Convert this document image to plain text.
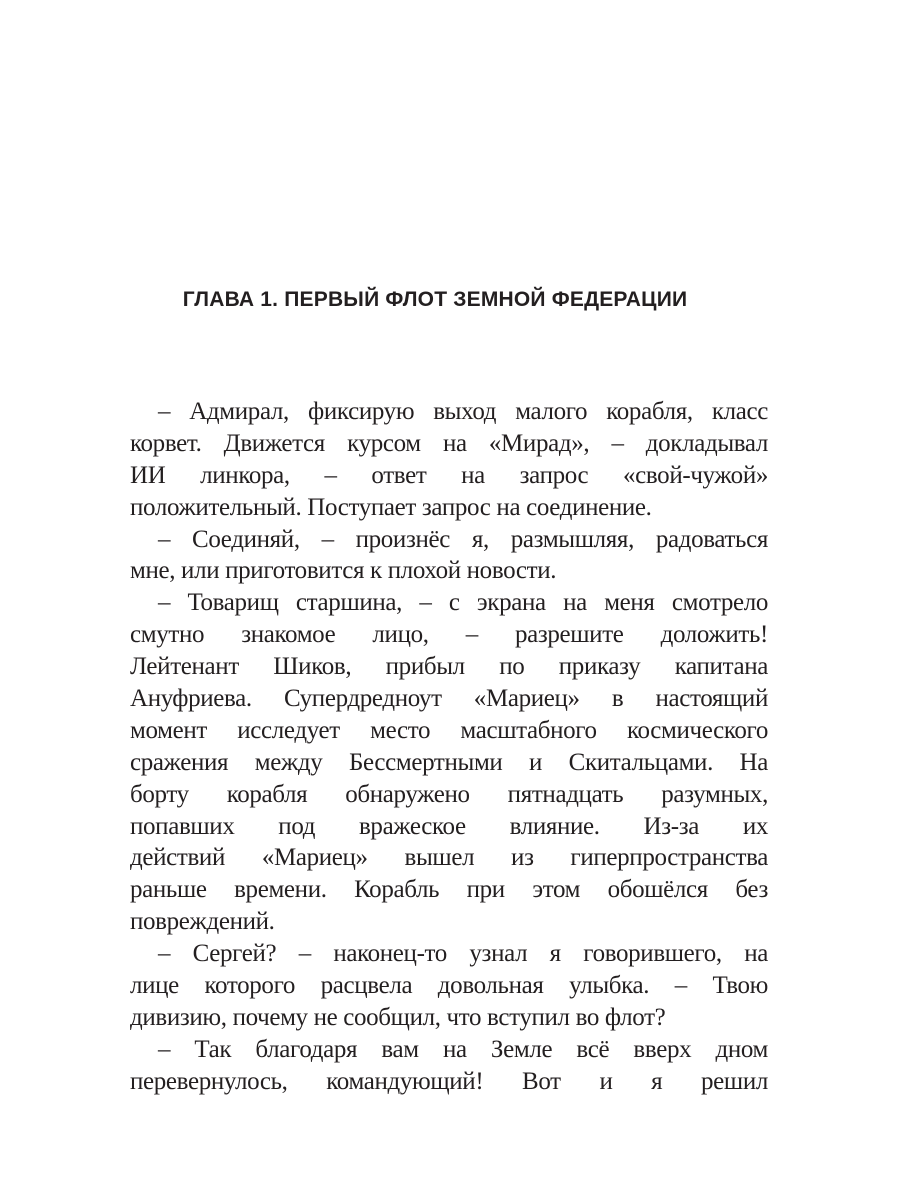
ГЛАВА 1. ПЕРВЫЙ ФЛОТ ЗЕМНОЙ ФЕДЕРАЦИИ
– Адмирал, фиксирую выход малого корабля, класс
корвет. Движется курсом на «Мирад», – докладывал
ИИ линкора, – ответ на запрос «свой-чужой»
положительный. Поступает запрос на соединение.
– Соединяй, – произнёс я, размышляя, радоваться
мне, или приготовится к плохой новости.
– Товарищ старшина, – с экрана на меня смотрело
смутно знакомое лицо, – разрешите доложить!
Лейтенант Шиков, прибыл по приказу капитана
Ануфриева. Супердредноут «Мариец» в настоящий
момент исследует место масштабного космического
сражения между Бессмертными и Скитальцами. На
борту корабля обнаружено пятнадцать разумных,
попавших под вражеское влияние. Из-за их
действий «Мариец» вышел из гиперпространства
раньше времени. Корабль при этом обошёлся без
повреждений.
– Сергей? – наконец-то узнал я говорившего, на
лице которого расцвела довольная улыбка. – Твою
дивизию, почему не сообщил, что вступил во флот?
– Так благодаря вам на Земле всё вверх дном
перевернулось, командующий! Вот и я решил
